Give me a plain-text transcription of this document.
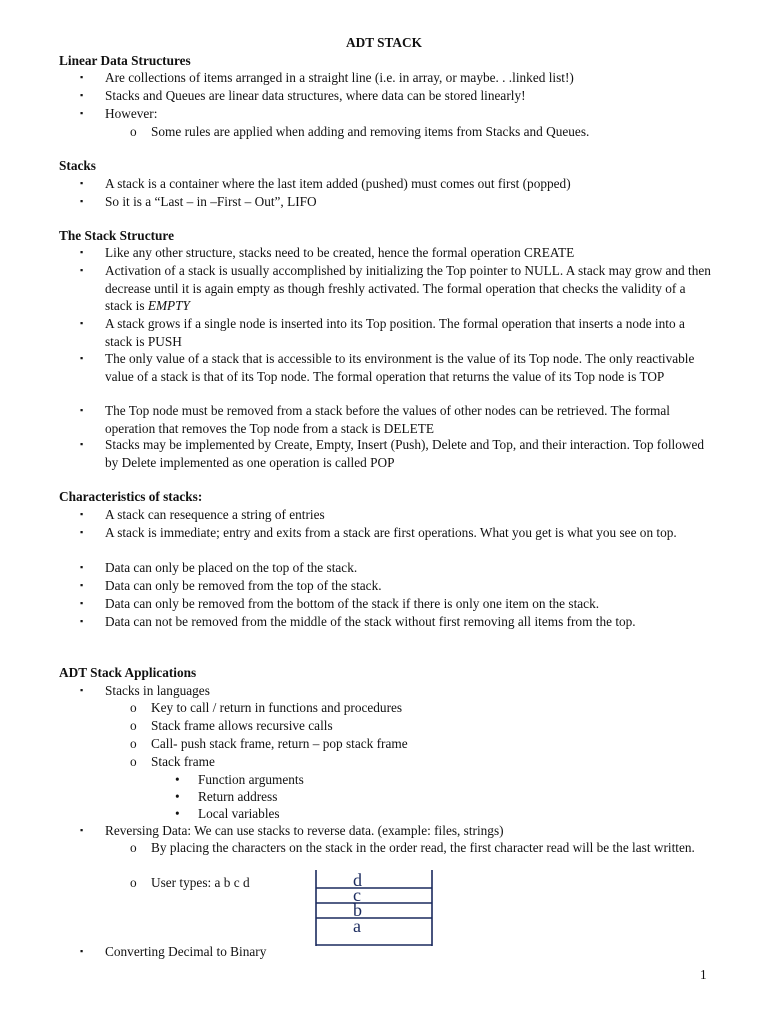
ADT STACK
Linear Data Structures
▪ Are collections of items arranged in a straight line (i.e. in array, or maybe. . .linked list!)
▪ Stacks and Queues are linear data structures, where data can be stored linearly!
▪ However:
o Some rules are applied when adding and removing items from Stacks and Queues.
Stacks
▪ A stack is a container where the last item added (pushed) must comes out first (popped)
▪ So it is a “Last – in –First – Out”, LIFO
The Stack Structure
▪ Like any other structure, stacks need to be created, hence the formal operation CREATE
▪ Activation of a stack is usually accomplished by initializing the Top pointer to NULL. A stack may grow and then decrease until it is again empty as though freshly activated. The formal operation that checks the validity of a stack is EMPTY
▪ A stack grows if a single node is inserted into its Top position. The formal operation that inserts a node into a stack is PUSH
▪ The only value of a stack that is accessible to its environment is the value of its Top node. The only reactivable value of a stack is that of its Top node. The formal operation that returns the value of its Top node is TOP
▪ The Top node must be removed from a stack before the values of other nodes can be retrieved. The formal operation that removes the Top node from a stack is DELETE
▪ Stacks may be implemented by Create, Empty, Insert (Push), Delete and Top, and their interaction. Top followed by Delete implemented as one operation is called POP
Characteristics of stacks:
▪ A stack can resequence a string of entries
▪ A stack is immediate; entry and exits from a stack are first operations. What you get is what you see on top.
▪ Data can only be placed on the top of the stack.
▪ Data can only be removed from the top of the stack.
▪ Data can only be removed from the bottom of the stack if there is only one item on the stack.
▪ Data can not be removed from the middle of the stack without first removing all items from the top.
ADT Stack Applications
▪ Stacks in languages
o Key to call / return in functions and procedures
o Stack frame allows recursive calls
o Call- push stack frame, return – pop stack frame
o Stack frame
• Function arguments
• Return address
• Local variables
▪ Reversing Data: We can use stacks to reverse data. (example: files, strings)
o By placing the characters on the stack in the order read, the first character read will be the last written.
o User types: a b c d	d
c
b
a
▪ Converting Decimal to Binary
1
